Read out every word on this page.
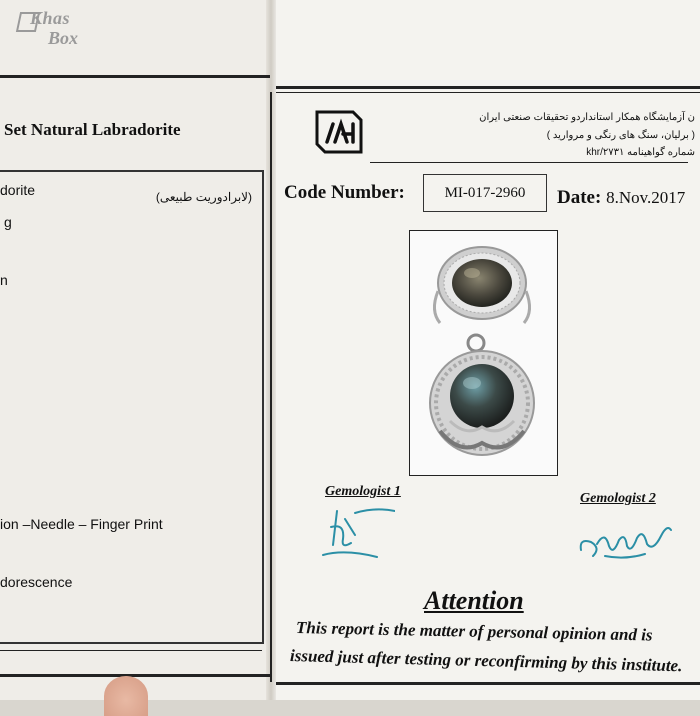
Khas
Box
Set Natural Labradorite
dorite	(لابرادوریت طبیعی)
g
n
ion –Needle – Finger Print
dorescence
ن آزمایشگاه همکار استانداردو تحقیقات صنعتی ایران
( برلیان، سنگ های رنگی و مروارید )
khr/۲۷۳۱ شماره گواهینامه
Code Number:	MI-017-2960	Date: 8.Nov.2017
Gemologist 1	Gemologist 2
Attention
This report is the matter of personal opinion and is
issued just after testing or reconfirming by this institute.
